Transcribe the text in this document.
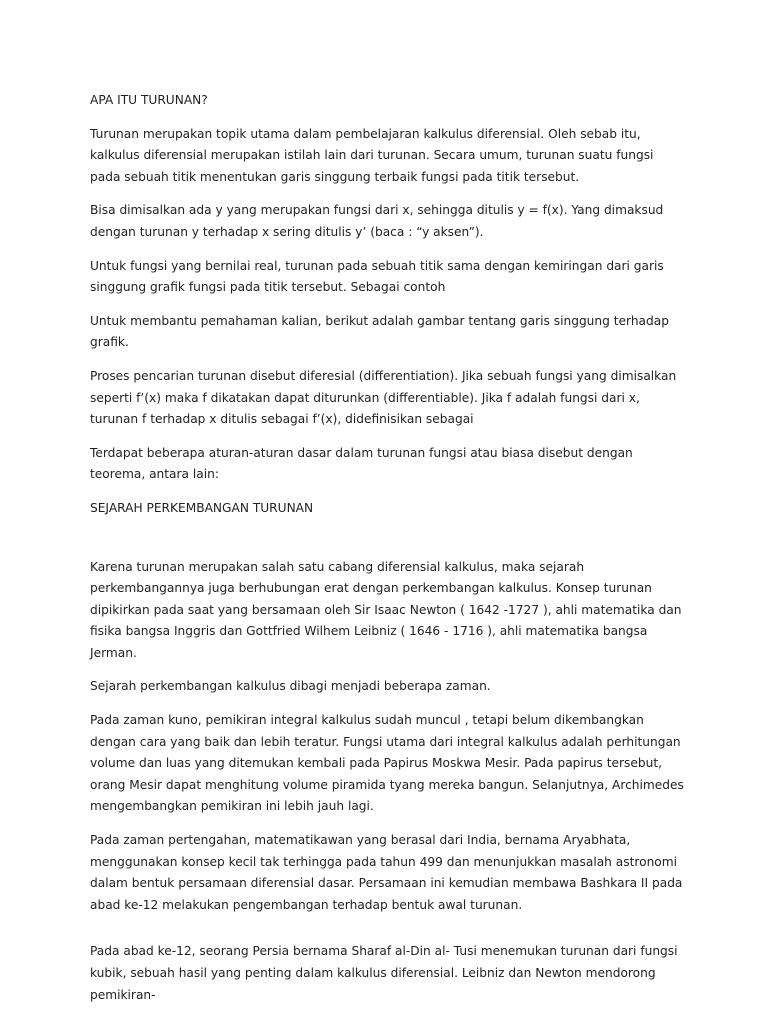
APA ITU TURUNAN?

Turunan merupakan topik utama dalam pembelajaran kalkulus diferensial. Oleh sebab itu, kalkulus diferensial merupakan istilah lain dari turunan. Secara umum, turunan suatu fungsi pada sebuah titik menentukan garis singgung terbaik fungsi pada titik tersebut.

Bisa dimisalkan ada y yang merupakan fungsi dari x, sehingga ditulis y = f(x). Yang dimaksud dengan turunan y terhadap x sering ditulis y’ (baca : “y aksen”).

Untuk fungsi yang bernilai real, turunan pada sebuah titik sama dengan kemiringan dari garis singgung grafik fungsi pada titik tersebut. Sebagai contoh

Untuk membantu pemahaman kalian, berikut adalah gambar tentang garis singgung terhadap grafik.

Proses pencarian turunan disebut diferesial (differentiation). Jika sebuah fungsi yang dimisalkan seperti f’(x) maka f dikatakan dapat diturunkan (differentiable). Jika f adalah fungsi dari x, turunan f terhadap x ditulis sebagai f’(x), didefinisikan sebagai

Terdapat beberapa aturan-aturan dasar dalam turunan fungsi atau biasa disebut dengan teorema, antara lain:

SEJARAH PERKEMBANGAN TURUNAN

Karena turunan merupakan salah satu cabang diferensial kalkulus, maka sejarah perkembangannya juga berhubungan erat dengan perkembangan kalkulus. Konsep turunan dipikirkan pada saat yang bersamaan oleh Sir Isaac Newton ( 1642 -1727 ), ahli matematika dan fisika bangsa Inggris dan Gottfried Wilhem Leibniz ( 1646 - 1716 ), ahli matematika bangsa Jerman.

Sejarah perkembangan kalkulus dibagi menjadi beberapa zaman.

Pada zaman kuno, pemikiran integral kalkulus sudah muncul , tetapi belum dikembangkan dengan cara yang baik dan lebih teratur. Fungsi utama dari integral kalkulus adalah perhitungan volume dan luas yang ditemukan kembali pada Papirus Moskwa Mesir. Pada papirus tersebut, orang Mesir dapat menghitung volume piramida tyang mereka bangun. Selanjutnya, Archimedes mengembangkan pemikiran ini lebih jauh lagi.

Pada zaman pertengahan, matematikawan yang berasal dari India, bernama Aryabhata, menggunakan konsep kecil tak terhingga pada tahun 499 dan menunjukkan masalah astronomi dalam bentuk persamaan diferensial dasar. Persamaan ini kemudian membawa Bashkara II pada abad ke-12 melakukan pengembangan terhadap bentuk awal turunan.

Pada abad ke-12, seorang Persia bernama Sharaf al-Din al- Tusi menemukan turunan dari fungsi kubik, sebuah hasil yang penting dalam kalkulus diferensial. Leibniz dan Newton mendorong pemikiran-
